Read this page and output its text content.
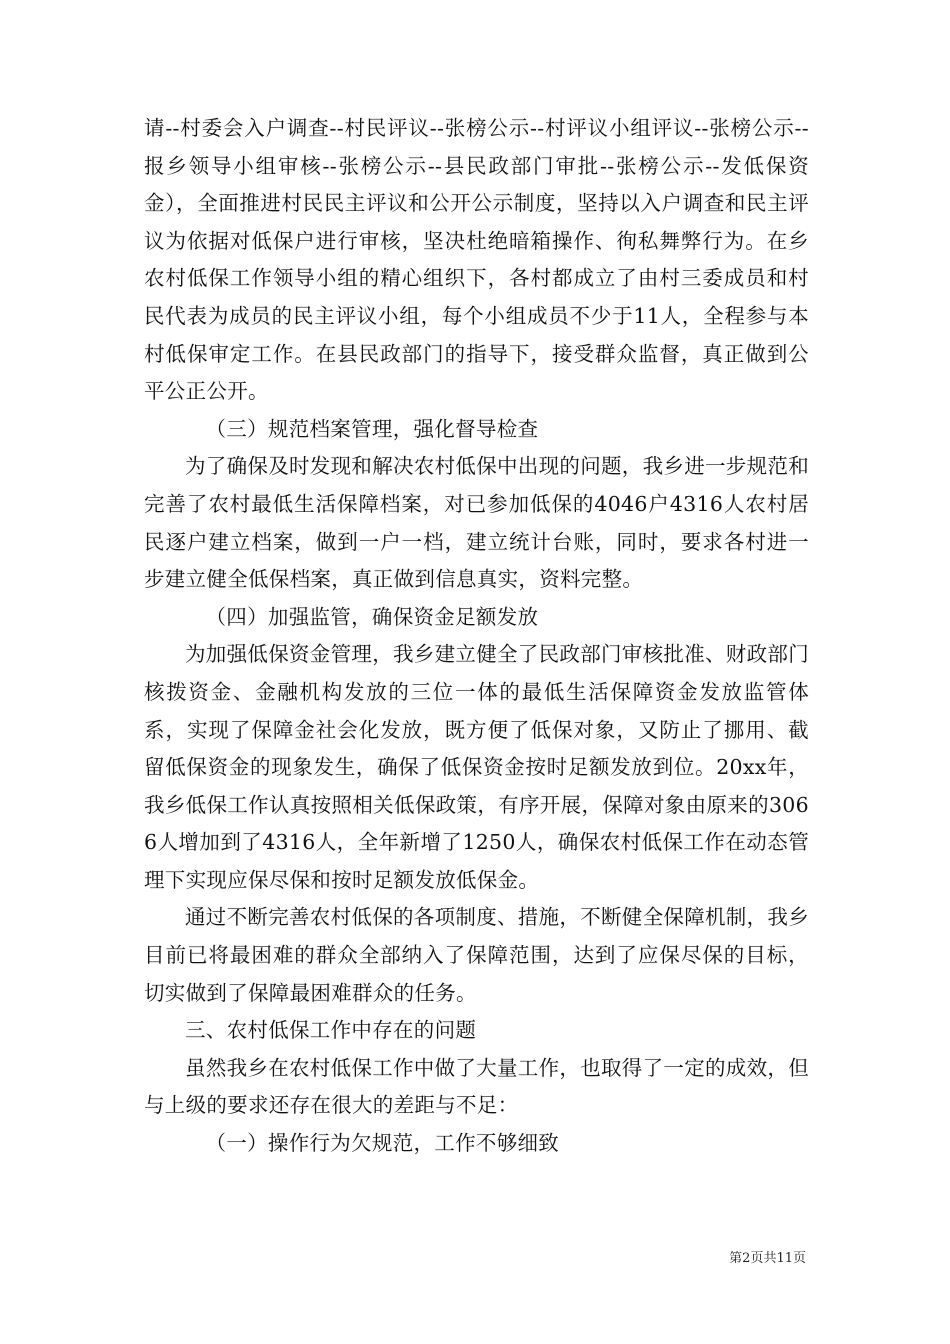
请--村委会入户调查--村民评议--张榜公示--村评议小组评议--张榜公示--报乡领导小组审核--张榜公示--县民政部门审批--张榜公示--发低保资金），全面推进村民民主评议和公开公示制度，坚持以入户调查和民主评议为依据对低保户进行审核，坚决杜绝暗箱操作、徇私舞弊行为。在乡农村低保工作领导小组的精心组织下，各村都成立了由村三委成员和村民代表为成员的民主评议小组，每个小组成员不少于11人，全程参与本村低保审定工作。在县民政部门的指导下，接受群众监督，真正做到公平公正公开。

（三）规范档案管理，强化督导检查

为了确保及时发现和解决农村低保中出现的问题，我乡进一步规范和完善了农村最低生活保障档案，对已参加低保的4046户4316人农村居民逐户建立档案，做到一户一档，建立统计台账，同时，要求各村进一步建立健全低保档案，真正做到信息真实，资料完整。

（四）加强监管，确保资金足额发放

为加强低保资金管理，我乡建立健全了民政部门审核批准、财政部门核拨资金、金融机构发放的三位一体的最低生活保障资金发放监管体系，实现了保障金社会化发放，既方便了低保对象，又防止了挪用、截留低保资金的现象发生，确保了低保资金按时足额发放到位。20xx年，我乡低保工作认真按照相关低保政策，有序开展，保障对象由原来的3066人增加到了4316人，全年新增了1250人，确保农村低保工作在动态管理下实现应保尽保和按时足额发放低保金。

通过不断完善农村低保的各项制度、措施，不断健全保障机制，我乡目前已将最困难的群众全部纳入了保障范围，达到了应保尽保的目标，切实做到了保障最困难群众的任务。

三、农村低保工作中存在的问题

虽然我乡在农村低保工作中做了大量工作，也取得了一定的成效，但与上级的要求还存在很大的差距与不足：

（一）操作行为欠规范，工作不够细致

第2页共11页
